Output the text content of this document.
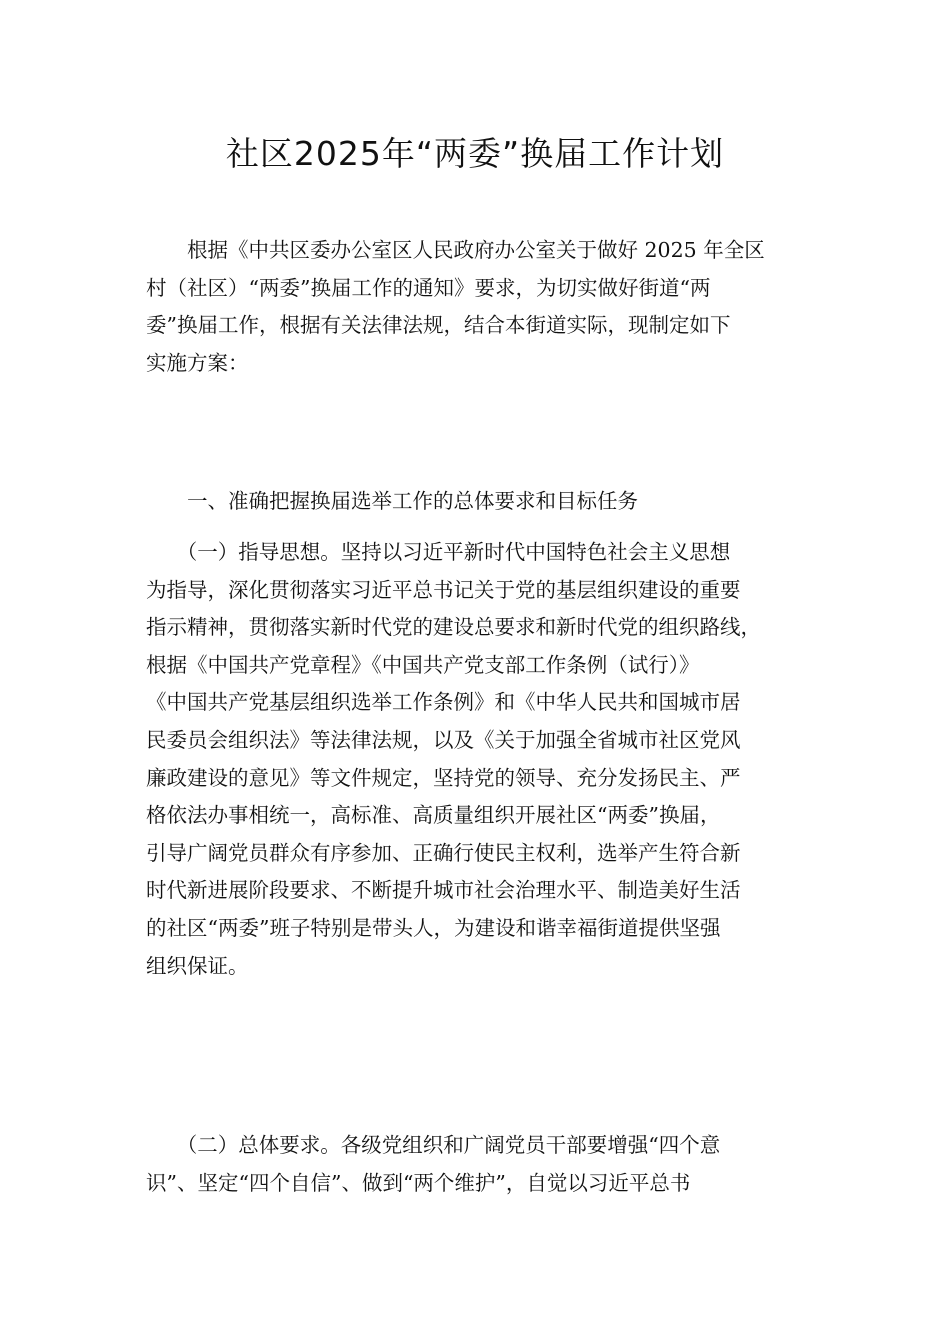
社区2025年“两委”换届工作计划
　　根据《中共区委办公室区人民政府办公室关于做好 2025 年全区
村（社区）“两委”换届工作的通知》要求，为切实做好街道“两
委”换届工作，根据有关法律法规，结合本街道实际，现制定如下
实施方案：
　　一、准确把握换届选举工作的总体要求和目标任务
　　（一）指导思想。坚持以习近平新时代中国特色社会主义思想
为指导，深化贯彻落实习近平总书记关于党的基层组织建设的重要
指示精神，贯彻落实新时代党的建设总要求和新时代党的组织路线，
根据《中国共产党章程》《中国共产党支部工作条例（试行）》
《中国共产党基层组织选举工作条例》和《中华人民共和国城市居
民委员会组织法》等法律法规，以及《关于加强全省城市社区党风
廉政建设的意见》等文件规定，坚持党的领导、充分发扬民主、严
格依法办事相统一，高标准、高质量组织开展社区“两委”换届，
引导广阔党员群众有序参加、正确行使民主权利，选举产生符合新
时代新进展阶段要求、不断提升城市社会治理水平、制造美好生活
的社区“两委”班子特别是带头人，为建设和谐幸福街道提供坚强
组织保证。
　　（二）总体要求。各级党组织和广阔党员干部要增强“四个意
识”、坚定“四个自信”、做到“两个维护”，自觉以习近平总书
